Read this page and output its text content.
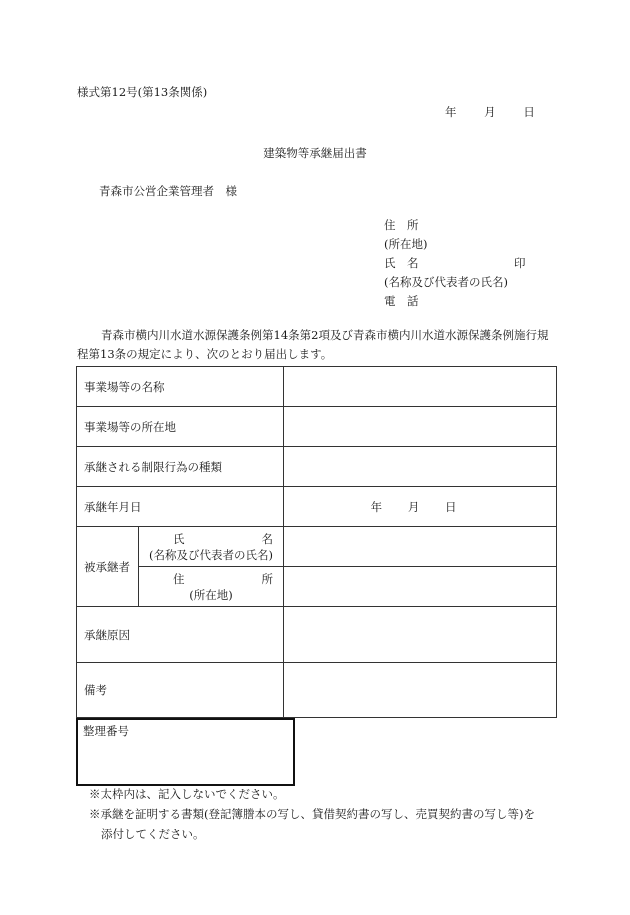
様式第12号(第13条関係)
年 月 日
建築物等承継届出書
青森市公営企業管理者　様
住　所
(所在地)
氏　名	印
(名称及び代表者の氏名)
電　話
青森市横内川水道水源保護条例第14条第2項及び青森市横内川水道水源保護条例施行規程第13条の規定により、次のとおり届出します。
事業場等の名称		
事業場等の所在地		
承継される制限行為の種類		
承継年月日		年 月 日
被承継者	氏 名
(名称及び代表者の氏名)	

	住 所
(所在地)	

承継原因		
備考		
整理番号
※太枠内は、記入しないでください。
※承継を証明する書類(登記簿謄本の写し、貸借契約書の写し、売買契約書の写し等)を
添付してください。
